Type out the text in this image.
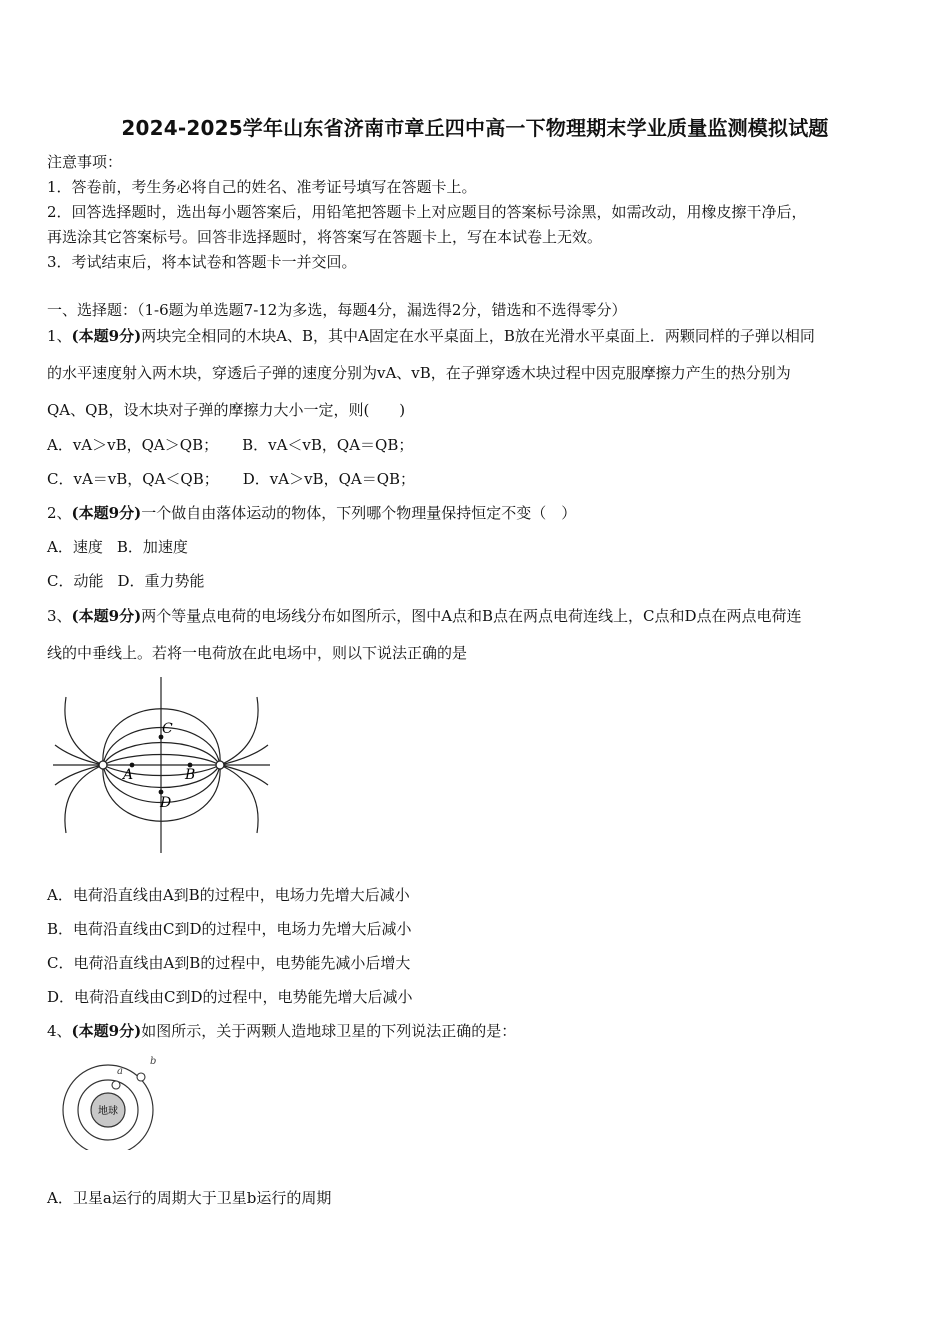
2024-2025学年山东省济南市章丘四中高一下物理期末学业质量监测模拟试题
注意事项：
1．答卷前，考生务必将自己的姓名、准考证号填写在答题卡上。
2．回答选择题时，选出每小题答案后，用铅笔把答题卡上对应题目的答案标号涂黑，如需改动，用橡皮擦干净后，
再选涂其它答案标号。回答非选择题时，将答案写在答题卡上，写在本试卷上无效。
3．考试结束后，将本试卷和答题卡一并交回。
一、选择题：（1-6题为单选题7-12为多选，每题4分，漏选得2分，错选和不选得零分）
1、(本题9分)两块完全相同的木块A、B，其中A固定在水平桌面上，B放在光滑水平桌面上．两颗同样的子弹以相同
的水平速度射入两木块，穿透后子弹的速度分别为vA、vB，在子弹穿透木块过程中因克服摩擦力产生的热分别为
QA、QB，设木块对子弹的摩擦力大小一定，则(　　)
A．vA＞vB，QA＞QB； B．vA＜vB，QA＝QB；
C．vA＝vB，QA＜QB； D．vA＞vB，QA＝QB；
2、(本题9分)一个做自由落体运动的物体，下列哪个物理量保持恒定不变（　）
A．速度 B．加速度
C．动能 D．重力势能
3、(本题9分)两个等量点电荷的电场线分布如图所示，图中A点和B点在两点电荷连线上，C点和D点在两点电荷连
线的中垂线上。若将一电荷放在此电场中，则以下说法正确的是
A	B
C
D
A．电荷沿直线由A到B的过程中，电场力先增大后减小
B．电荷沿直线由C到D的过程中，电场力先增大后减小
C．电荷沿直线由A到B的过程中，电势能先减小后增大
D．电荷沿直线由C到D的过程中，电势能先增大后减小
4、(本题9分)如图所示，关于两颗人造地球卫星的下列说法正确的是：
地球
a
b
A．卫星a运行的周期大于卫星b运行的周期
